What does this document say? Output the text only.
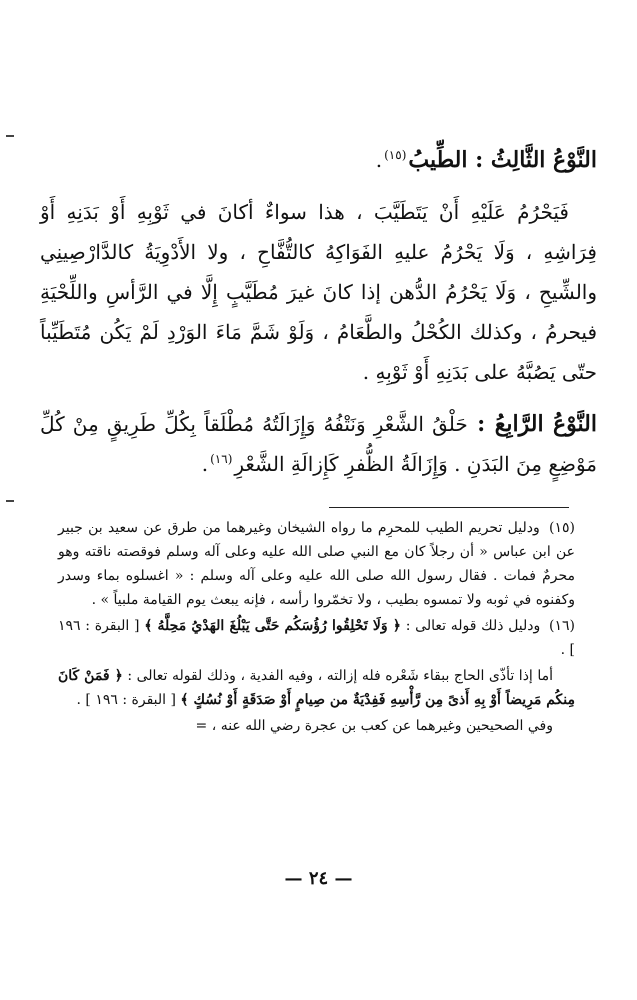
النَّوْعُ الثَّالِثُ : الطِّيبُ$^{(١٥)}$.

فَيَحْرُمُ عَلَيْهِ أَنْ يَتَطَيَّبَ ، هذا سواءٌ أكانَ في ثَوْبِهِ أَوْ بَدَنِهِ أَوْ فِرَاشِهِ ، وَلَا يَحْرُمُ عليهِ الفَوَاكِهُ كالتُّفَّاحِ ، ولا الأَدْوِيَةُ كالدَّارْصِينِي والشِّيحِ ، وَلَا يَحْرُمُ الدُّهن إذا كانَ غيرَ مُطَيَّبٍ إِلَّا في الرَّأسِ واللِّحْيَةِ فيحرمُ ، وكذلك الكُحْلُ والطَّعَامُ ، وَلَوْ شَمَّ مَاءَ الوَرْدِ لَمْ يَكُن مُتَطَيِّباً حتّى يَصُبَّهُ على بَدَنِهِ أَوْ ثَوْبِهِ .

النَّوْعُ الرَّابِعُ : حَلْقُ الشَّعْرِ وَنَتْفُهُ وَإِزَالَتُهُ مُطْلَقاً بِكُلِّ طَرِيقٍ مِنْ كُلِّ مَوْضِعٍ مِنَ البَدَنِ . وَإِزَالَةُ الظُّفرِ كَإِزالَةِ الشَّعْرِ$^{(١٦)}$.

(١٥) ودليل تحريم الطيب للمحرِم ما رواه الشيخان وغيرهما من طرق عن سعيد بن جبير عن ابن عباس « أن رجلاً كان مع النبي صلى الله عليه وعلى آله وسلم فوقصته ناقته وهو محرمٌ فمات . فقال رسول الله صلى الله عليه وعلى آله وسلم : « اغسلوه بماء وسدر وكفنوه في ثوبه ولا تمسوه بطيب ، ولا تخمّروا رأسه ، فإنه يبعث يوم القيامة ملبياً » .

(١٦) ودليل ذلك قوله تعالى : ﴿ وَلَا تَحْلِقُوا رُؤُسَكُم حَتَّى يَبْلُغَ الهَدْيُ مَحِلَّهُ ﴾ [ البقرة : ١٩٦ ] .

أما إذا تأذّى الحاج ببقاء شَعْره فله إزالته ، وفيه الفدية ، وذلك لقوله تعالى : ﴿ فَمَنْ كَانَ مِنكُم مَرِيضاً أَوْ بِهِ أَذىً مِن رَّأْسِهِ فَفِدْيَةٌ من صِيامٍ أَوْ صَدَقَةٍ أَوْ نُسُكٍ ﴾ [ البقرة : ١٩٦ ] .

وفي الصحيحين وغيرهما عن كعب بن عجرة رضي الله عنه ، =

— ٢٤ —
